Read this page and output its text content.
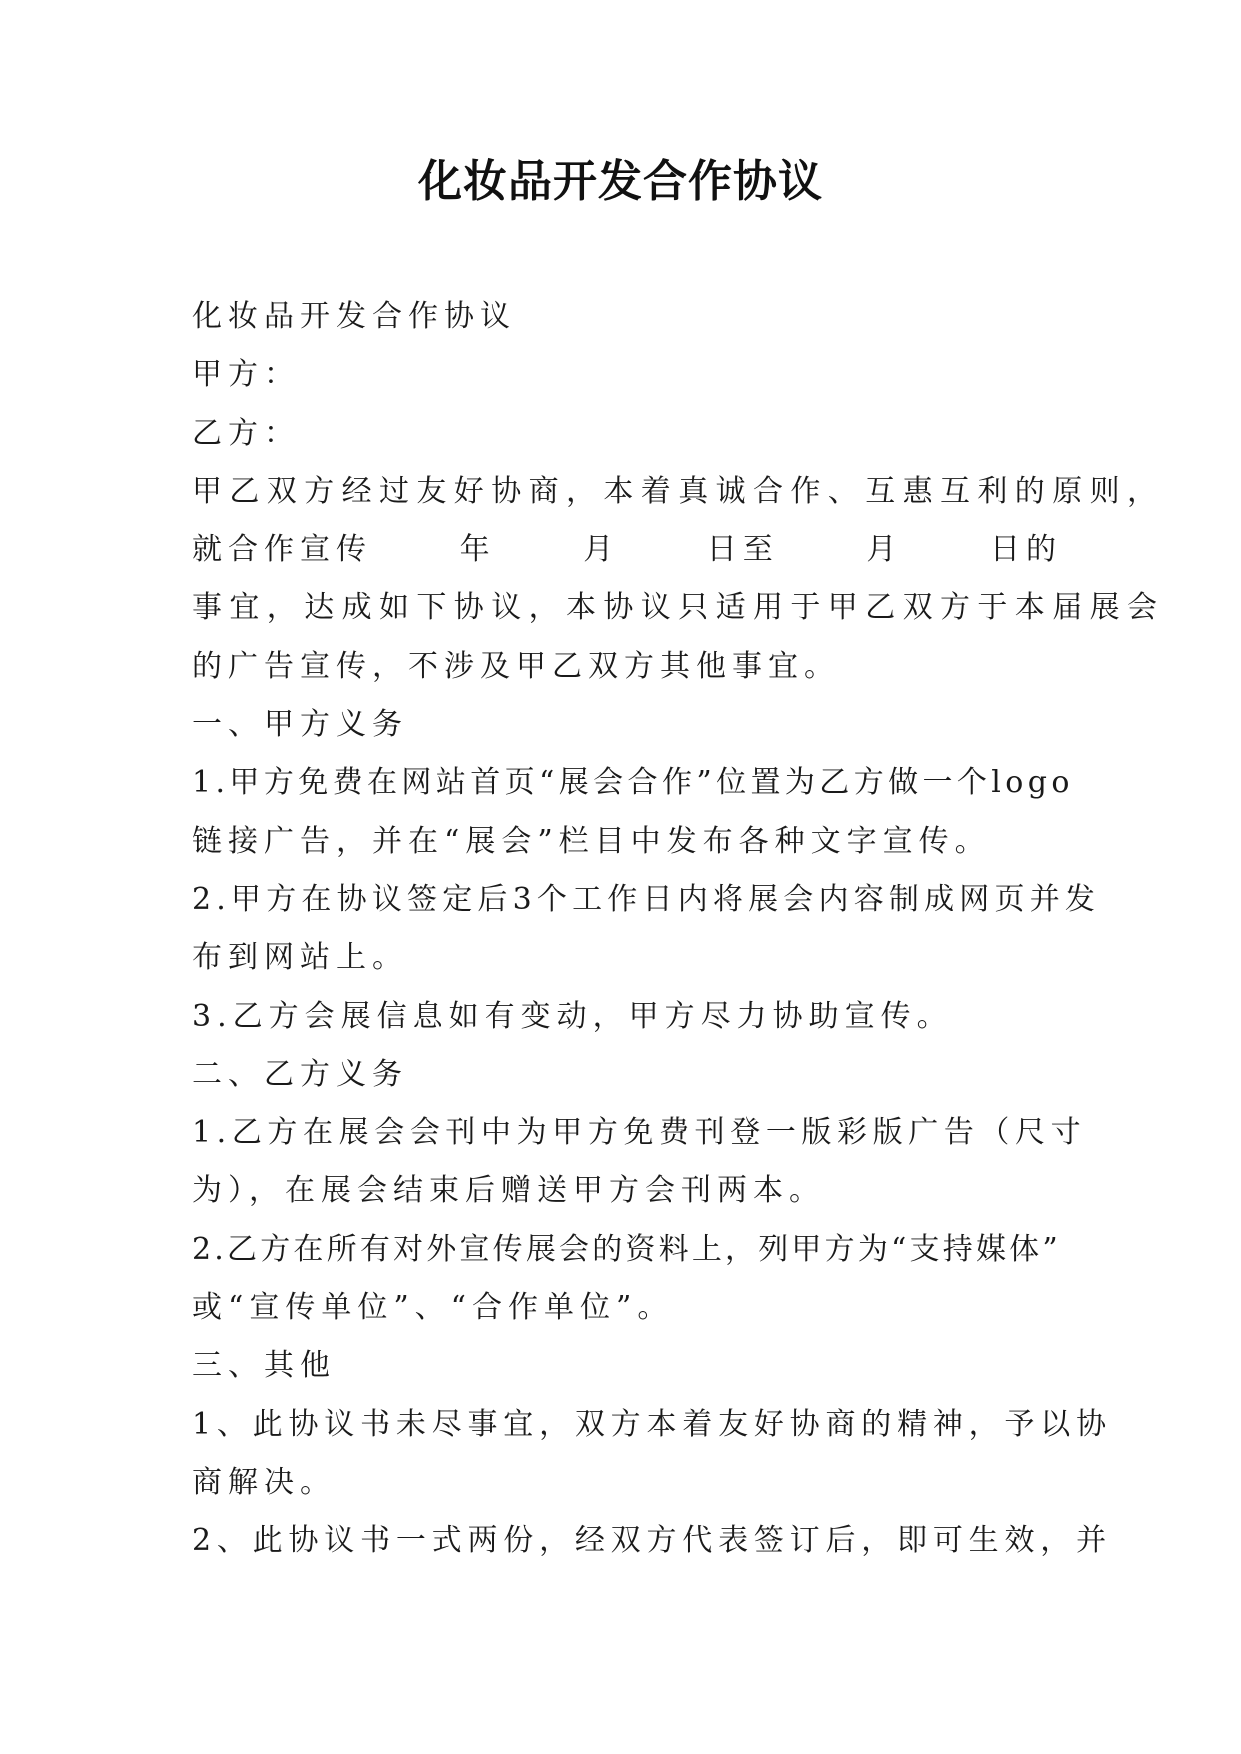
化妆品开发合作协议
化妆品开发合作协议
甲方：
乙方：
甲乙双方经过友好协商，本着真诚合作、互惠互利的原则，
就合作宣传	年	月	日至	月	日的
事宜，达成如下协议，本协议只适用于甲乙双方于本届展会
的广告宣传，不涉及甲乙双方其他事宜。
一、甲方义务
1.甲方免费在网站首页“展会合作”位置为乙方做一个logo
链接广告，并在“展会”栏目中发布各种文字宣传。
2.甲方在协议签定后3个工作日内将展会内容制成网页并发
布到网站上。
3.乙方会展信息如有变动，甲方尽力协助宣传。
二、乙方义务
1.乙方在展会会刊中为甲方免费刊登一版彩版广告（尺寸
为），在展会结束后赠送甲方会刊两本。
2.乙方在所有对外宣传展会的资料上，列甲方为“支持媒体”
或“宣传单位”、“合作单位”。
三、其他
1、此协议书未尽事宜，双方本着友好协商的精神，予以协
商解决。
2、此协议书一式两份，经双方代表签订后，即可生效，并
